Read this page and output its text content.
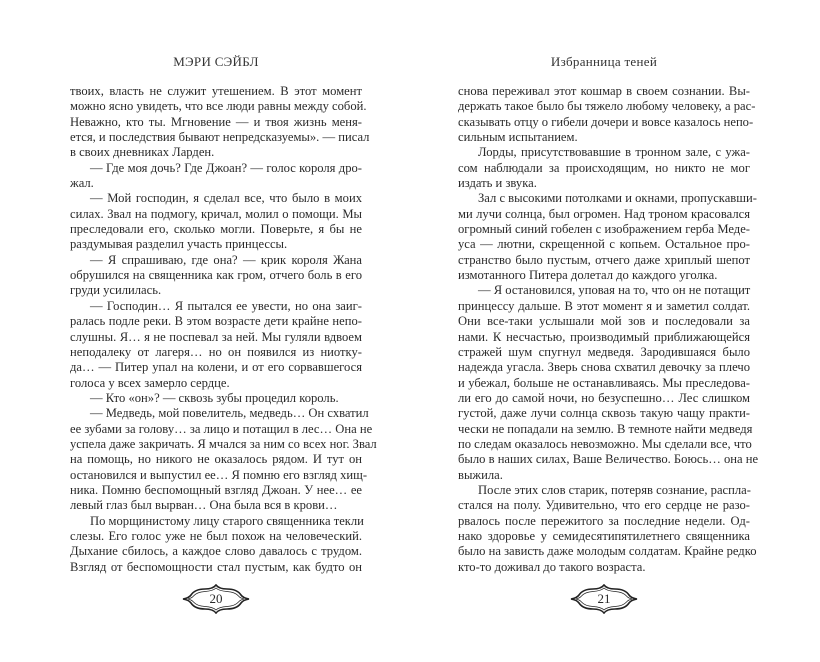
МЭРИ СЭЙБЛ
твоих, власть не служит утешением. В этот момент
можно ясно увидеть, что все люди равны между собой.
Неважно, кто ты. Мгновение — и твоя жизнь меня-
ется, и последствия бывают непредсказуемы». — писал
в своих дневниках Ларден.
— Где моя дочь? Где Джоан? — голос короля дро-
жал.
— Мой господин, я сделал все, что было в моих
силах. Звал на подмогу, кричал, молил о помощи. Мы
преследовали его, сколько могли. Поверьте, я бы не
раздумывая разделил участь принцессы.
— Я спрашиваю, где она? — крик короля Жана
обрушился на священника как гром, отчего боль в его
груди усилилась.
— Господин… Я пытался ее увести, но она заиг-
ралась подле реки. В этом возрасте дети крайне непо-
слушны. Я… я не поспевал за ней. Мы гуляли вдвоем
неподалеку от лагеря… но он появился из ниотку-
да… — Питер упал на колени, и от его сорвавшегося
голоса у всех замерло сердце.
— Кто «он»? — сквозь зубы процедил король.
— Медведь, мой повелитель, медведь… Он схватил
ее зубами за голову… за лицо и потащил в лес… Она не
успела даже закричать. Я мчался за ним со всех ног. Звал
на помощь, но никого не оказалось рядом. И тут он
остановился и выпустил ее… Я помню его взгляд хищ-
ника. Помню беспомощный взгляд Джоан. У нее… ее
левый глаз был вырван… Она была вся в крови…
По морщинистому лицу старого священника текли
слезы. Его голос уже не был похож на человеческий.
Дыхание сбилось, а каждое слово давалось с трудом.
Взгляд от беспомощности стал пустым, как будто он
20
Избранница теней
снова переживал этот кошмар в своем сознании. Вы-
держать такое было бы тяжело любому человеку, а рас-
сказывать отцу о гибели дочери и вовсе казалось непо-
сильным испытанием.
Лорды, присутствовавшие в тронном зале, с ужа-
сом наблюдали за происходящим, но никто не мог
издать и звука.
Зал с высокими потолками и окнами, пропускавши-
ми лучи солнца, был огромен. Над троном красовался
огромный синий гобелен с изображением герба Меде-
уса — лютни, скрещенной с копьем. Остальное про-
странство было пустым, отчего даже хриплый шепот
измотанного Питера долетал до каждого уголка.
— Я остановился, уповая на то, что он не потащит
принцессу дальше. В этот момент я и заметил солдат.
Они все-таки услышали мой зов и последовали за
нами. К несчастью, производимый приближающейся
стражей шум спугнул медведя. Зародившаяся было
надежда угасла. Зверь снова схватил девочку за плечо
и убежал, больше не останавливаясь. Мы преследова-
ли его до самой ночи, но безуспешно… Лес слишком
густой, даже лучи солнца сквозь такую чащу практи-
чески не попадали на землю. В темноте найти медведя
по следам оказалось невозможно. Мы сделали все, что
было в наших силах, Ваше Величество. Боюсь… она не
выжила.
После этих слов старик, потеряв сознание, распла-
стался на полу. Удивительно, что его сердце не разо-
рвалось после пережитого за последние недели. Од-
нако здоровье у семидесятипятилетнего священника
было на зависть даже молодым солдатам. Крайне редко
кто-то доживал до такого возраста.
21
